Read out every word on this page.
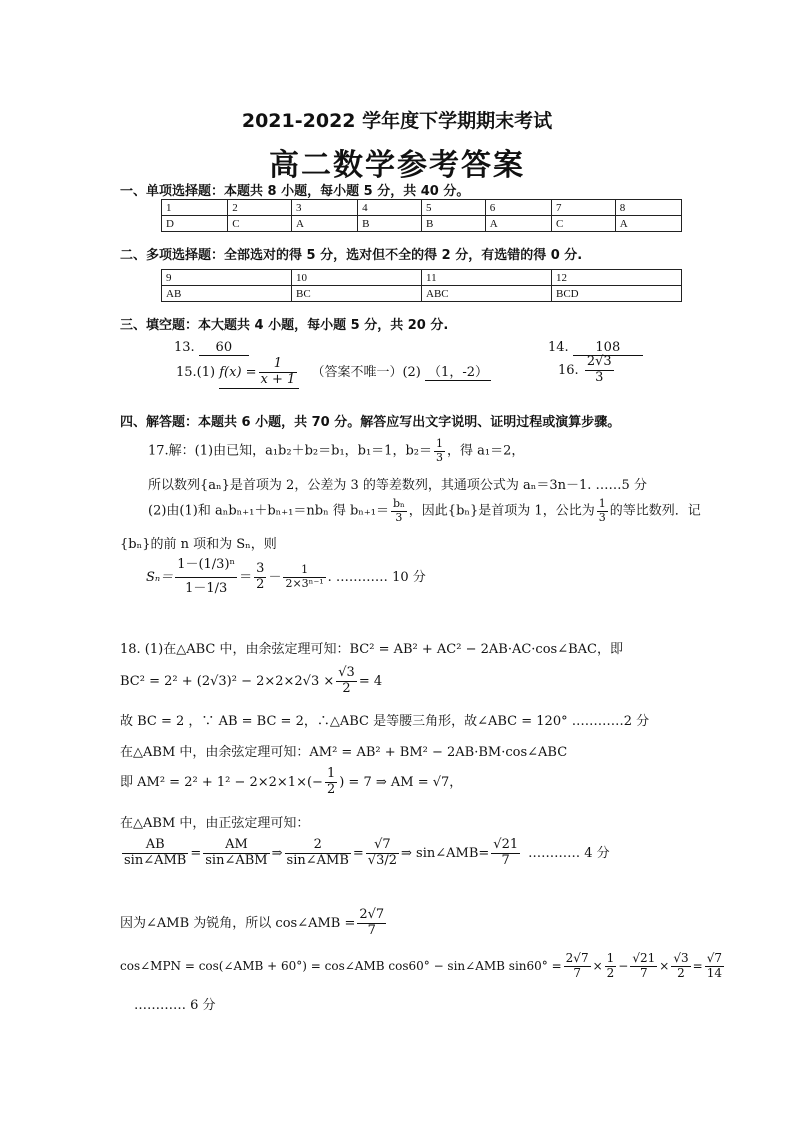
2021-2022 学年度下学期期末考试
高二数学参考答案
一、单项选择题：本题共 8 小题，每小题 5 分，共 40 分。
1	2	3	4	5	6	7	8
D	C	A	B	B	A	C	A
二、多项选择题：全部选对的得 5 分，选对但不全的得 2 分，有选错的得 0 分.
9	10	11	12
AB	BC	ABC	BCD
三、填空题：本大题共 4 小题，每小题 5 分，共 20 分.
13. 60	14. 108
15.(1) $f(x) = \frac{1}{x + 1}$ （答案不唯一）(2) （1，-2）	16. $\frac{2√3}{3}$
四、解答题：本题共 6 小题，共 70 分。解答应写出文字说明、证明过程或演算步骤。
17.解：(1)由已知，a₁b₂＋b₂＝b₁，b₁＝1，$b_2= \frac{1}{3}$ ，得 a₁＝2，
所以数列{aₙ}是首项为 2，公差为 3 的等差数列，其通项公式为 aₙ＝3n－1. ……5 分
(2)由(1)和 aₙbₙ₊₁＋bₙ₊₁＝nbₙ 得 $b_{n+1}= \frac{\text{bₙ}}{3}$ ，因此{bₙ}是首项为 1，公比为 $\frac{1}{3}$ 的等比数列．记
{bₙ}的前 n 项和为 Sₙ，则
$S_n= \frac{\text{1－(1/3)ⁿ}}{1-1/3} = \frac{3}{2} - \frac{1}{\text{2×3ⁿ⁻¹}}$ . ………… 10 分
18. (1)在△ABC 中，由余弦定理可知：BC² = AB² + AC² − 2AB·AC·cos∠BAC，即
$BC^2 = 2^2 + (2√3)^2 - 2\times 2\times 2√3 \times \frac{√3}{2} = 4$
故 BC = 2 ，∵ AB = BC = 2，∴△ABC 是等腰三角形，故∠ABC = 120° …………2 分
在△ABM 中，由余弦定理可知：AM² = AB² + BM² − 2AB·BM·cos∠ABC
即 $AM^2 = 2^2 + 1^2 - 2\times 2\times 1\times(- \frac{1}{2}$ ) = 7 ⇒ AM = √7，
在△ABM 中，由正弦定理可知：
$\frac{AB}{\text{sin∠AMB}} = \frac{AM}{\text{sin∠ABM}}$ ⇒ $\frac{2}{\text{sin∠AMB}} = \frac{√7}{√3/2}$ ⇒ sin∠AMB= $\frac{√21}{7}$ ………… 4 分
因为∠AMB 为锐角，所以 cos∠AMB = $\frac{2√7}{7}$
cos∠MPN = cos(∠AMB + 60°) = cos∠AMB cos60° − sin∠AMB $\sin 60^\circ = \frac{2√7}{7} \times \frac{1}{2} - \frac{√21}{7} \times \frac{√3}{2} = \frac{√7}{14}$
………… 6 分
